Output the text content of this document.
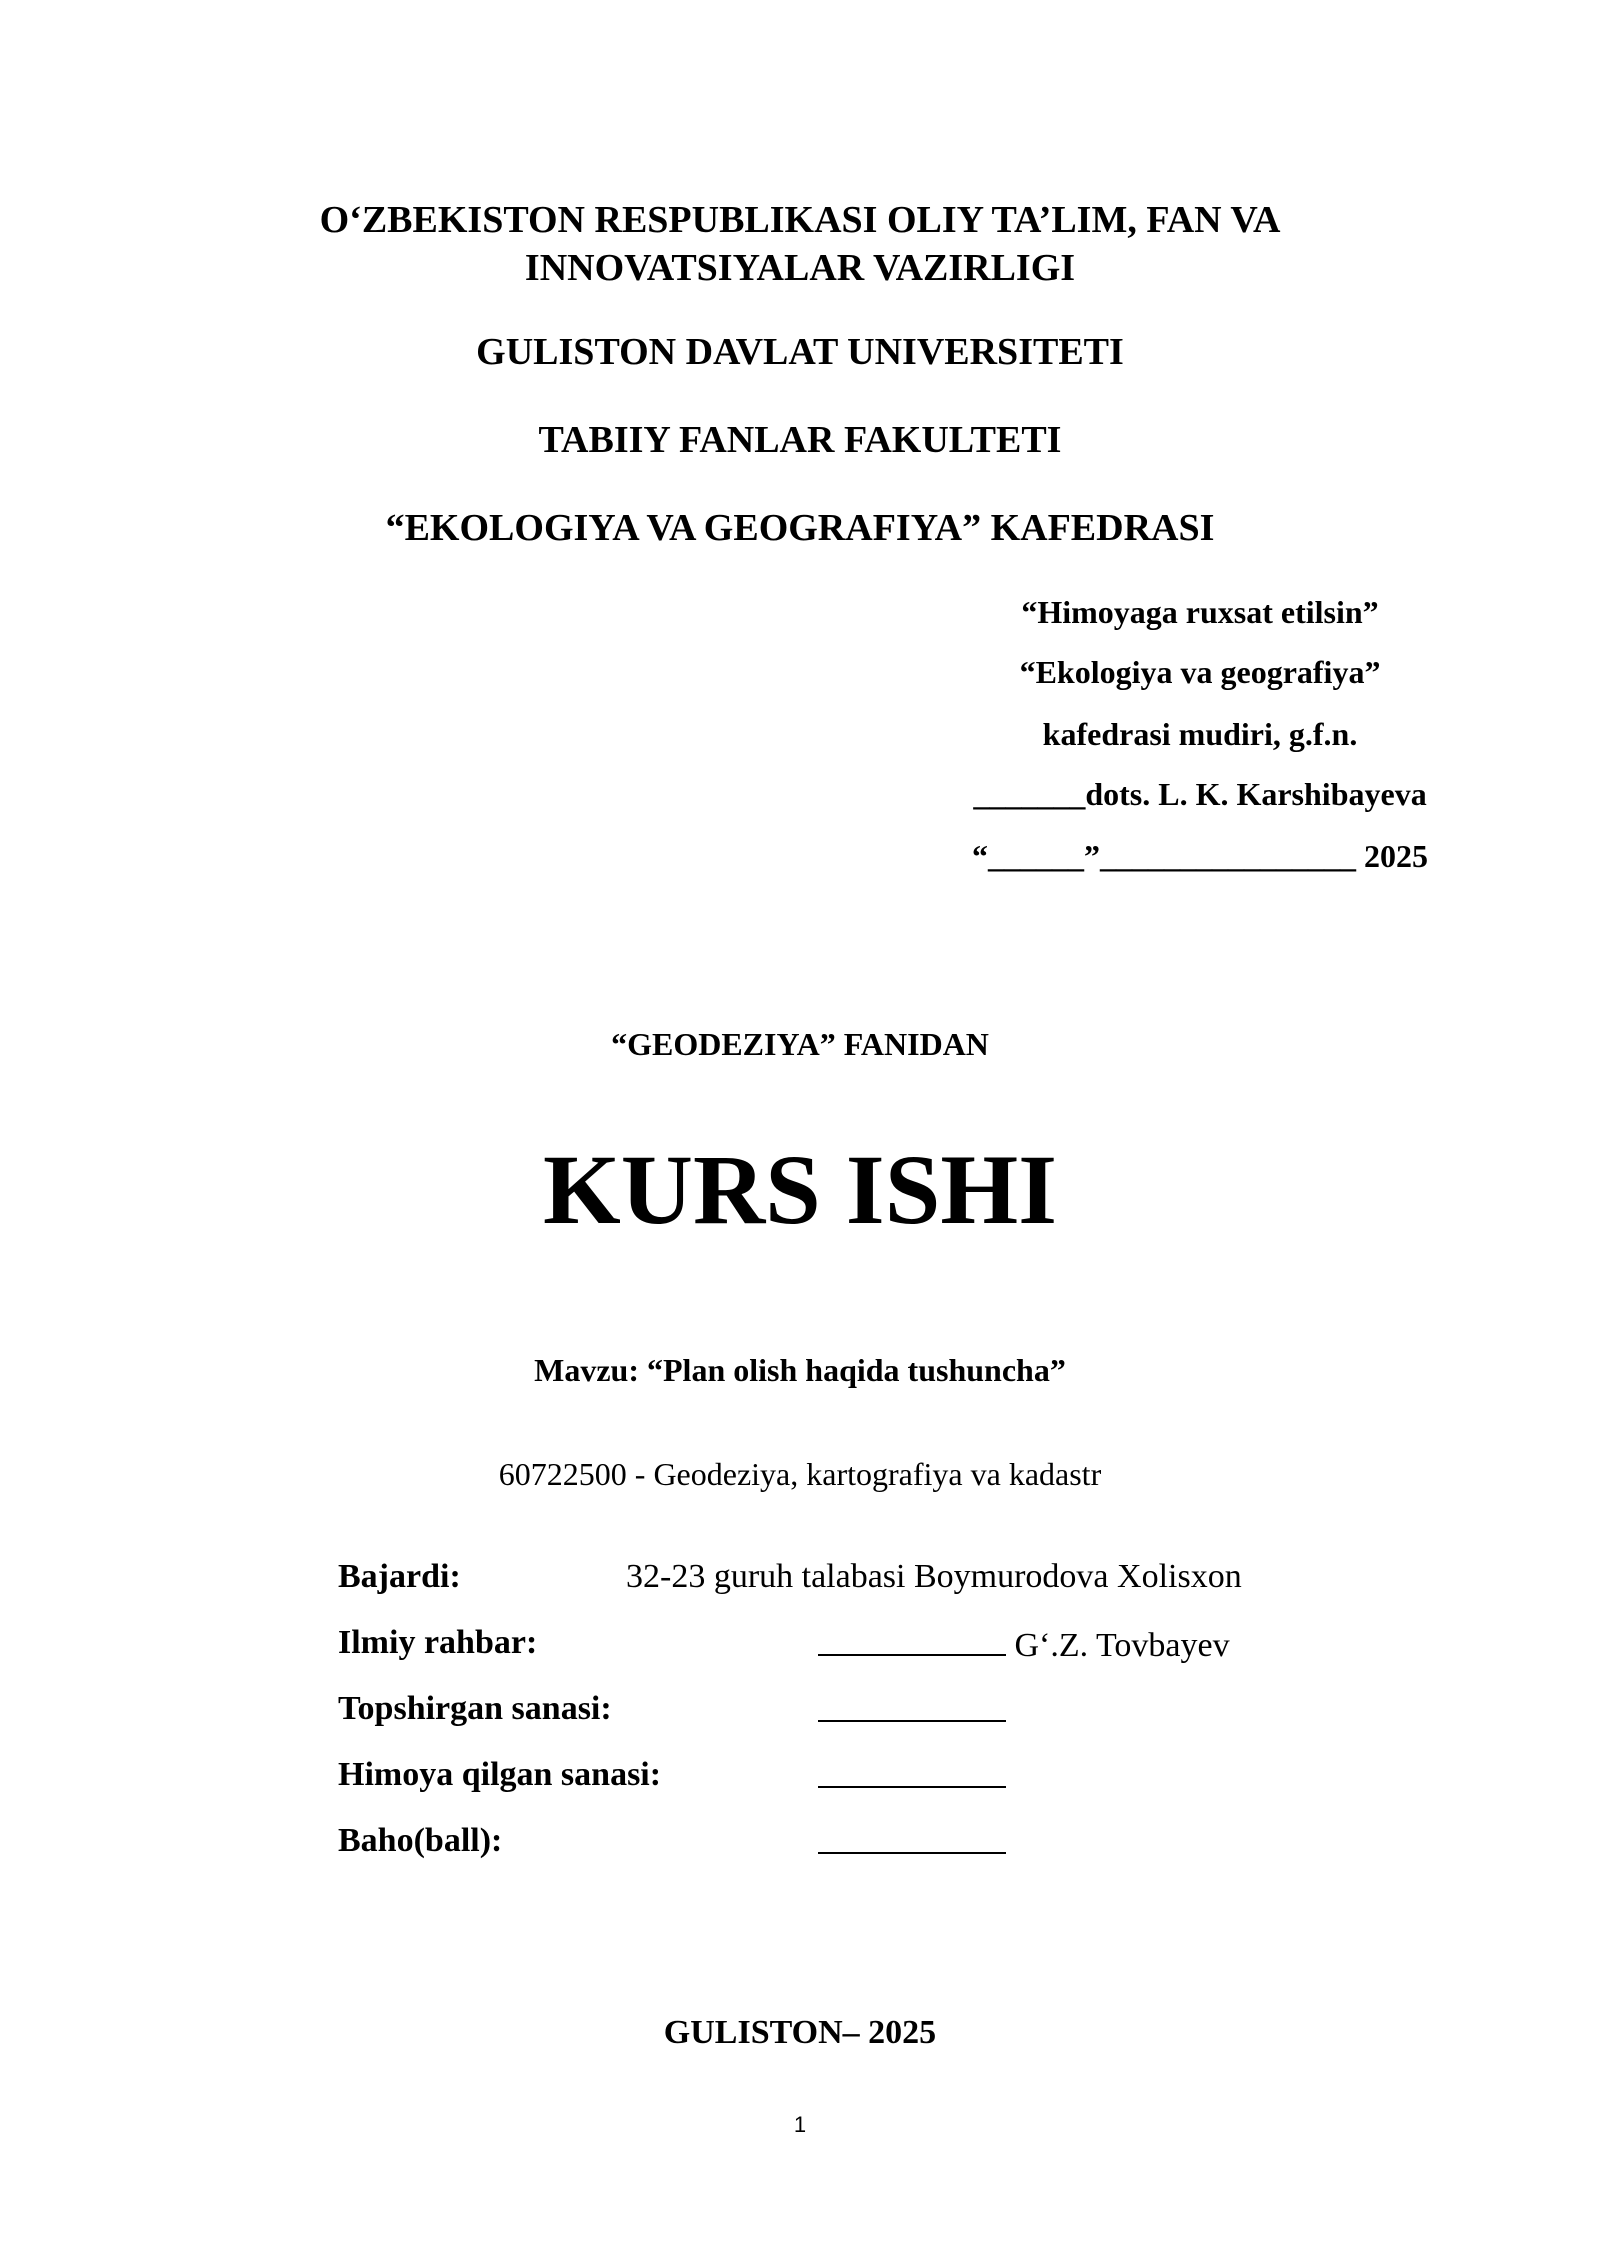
O‘ZBEKISTON RESPUBLIKASI OLIY TA’LIM, FAN VA
INNOVATSIYALAR VAZIRLIGI
GULISTON DAVLAT UNIVERSITETI
TABIIY FANLAR FAKULTETI
“EKOLOGIYA VA GEOGRAFIYA” KAFEDRASI
“Himoyaga ruxsat etilsin”
“Ekologiya va geografiya”
kafedrasi mudiri, g.f.n.
_______dots. L. K. Karshibayeva
“______”________________ 2025
“GEODEZIYA” FANIDAN
KURS ISHI
Mavzu: “Plan olish haqida tushuncha”
60722500 - Geodeziya, kartografiya va kadastr
Bajardi:	32-23 guruh talabasi Boymurodova Xolisxon
Ilmiy rahbar:	G‘.Z. Tovbayev
Topshirgan sanasi:
Himoya qilgan sanasi:
Baho(ball):
GULISTON– 2025
1
